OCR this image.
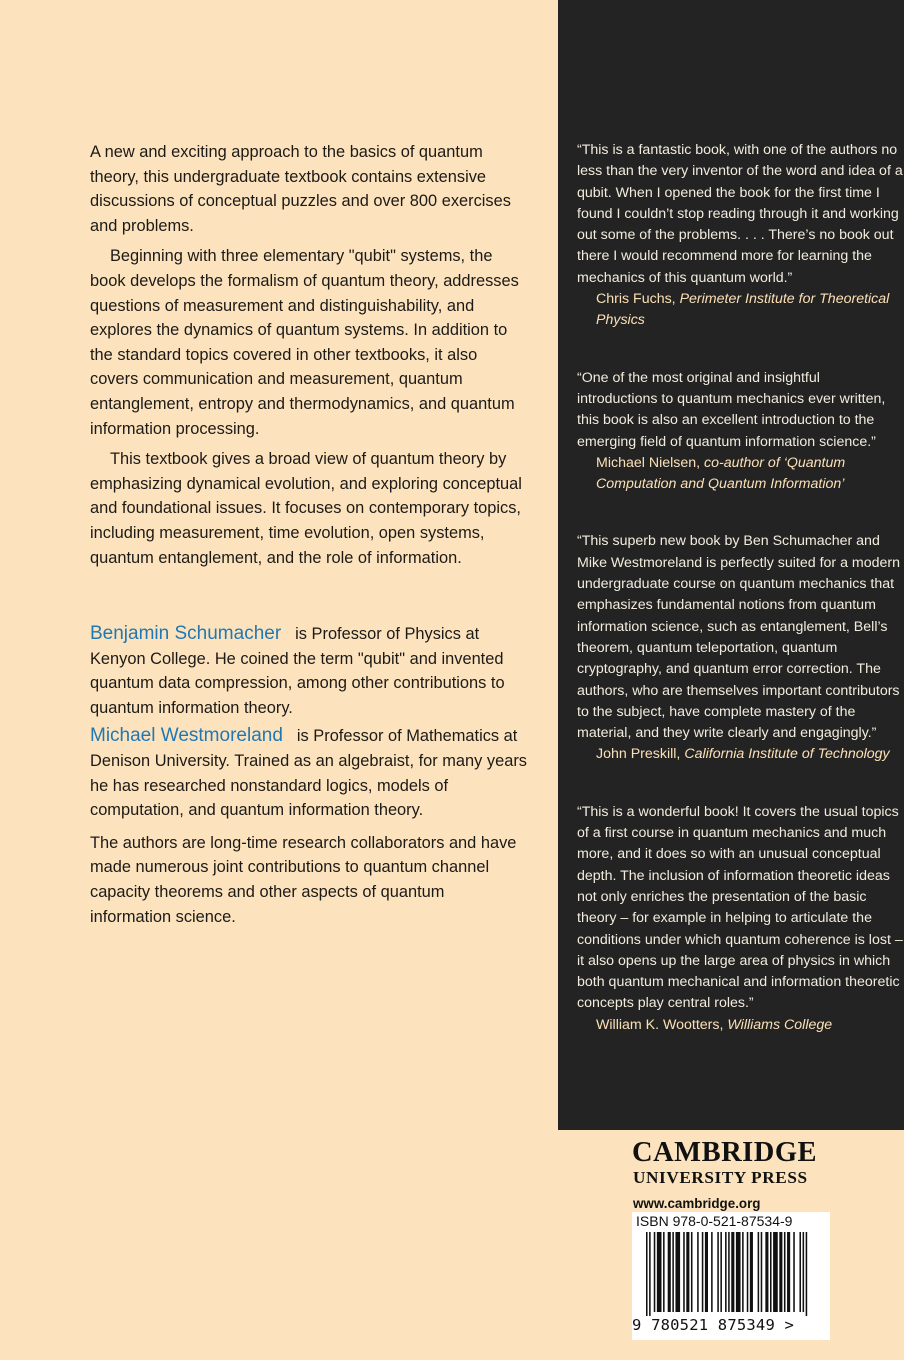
A new and exciting approach to the basics of quantum theory, this undergraduate textbook contains extensive discussions of conceptual puzzles and over 800 exercises and problems.

Beginning with three elementary "qubit" systems, the book develops the formalism of quantum theory, addresses questions of measurement and distinguishability, and explores the dynamics of quantum systems. In addition to the standard topics covered in other textbooks, it also covers communication and measurement, quantum entanglement, entropy and thermodynamics, and quantum information processing.

This textbook gives a broad view of quantum theory by emphasizing dynamical evolution, and exploring conceptual and foundational issues. It focuses on contemporary topics, including measurement, time evolution, open systems, quantum entanglement, and the role of information.

Benjamin Schumacher is Professor of Physics at Kenyon College. He coined the term "qubit" and invented quantum data compression, among other contributions to quantum information theory.

Michael Westmoreland is Professor of Mathematics at Denison University. Trained as an algebraist, for many years he has researched nonstandard logics, models of computation, and quantum information theory.

The authors are long-time research collaborators and have made numerous joint contributions to quantum channel capacity theorems and other aspects of quantum information science.

“This is a fantastic book, with one of the authors no less than the very inventor of the word and idea of a qubit. When I opened the book for the first time I found I couldn’t stop reading through it and working out some of the problems. . . . There’s no book out there I would recommend more for learning the mechanics of this quantum world.”

Chris Fuchs, Perimeter Institute for Theoretical Physics

“One of the most original and insightful introductions to quantum mechanics ever written, this book is also an excellent introduction to the emerging field of quantum information science.”

Michael Nielsen, co-author of ‘Quantum Computation and Quantum Information’

“This superb new book by Ben Schumacher and Mike Westmoreland is perfectly suited for a modern undergraduate course on quantum mechanics that emphasizes fundamental notions from quantum information science, such as entanglement, Bell’s theorem, quantum teleportation, quantum cryptography, and quantum error correction. The authors, who are themselves important contributors to the subject, have complete mastery of the material, and they write clearly and engagingly.”

John Preskill, California Institute of Technology

“This is a wonderful book! It covers the usual topics of a first course in quantum mechanics and much more, and it does so with an unusual conceptual depth. The inclusion of information theoretic ideas not only enriches the presentation of the basic theory – for example in helping to articulate the conditions under which quantum coherence is lost – it also opens up the large area of physics in which both quantum mechanical and information theoretic concepts play central roles.”

William K. Wootters, Williams College

CAMBRIDGE
UNIVERSITY PRESS
www.cambridge.org
ISBN 978-0-521-87534-9
9 780521 875349 >
